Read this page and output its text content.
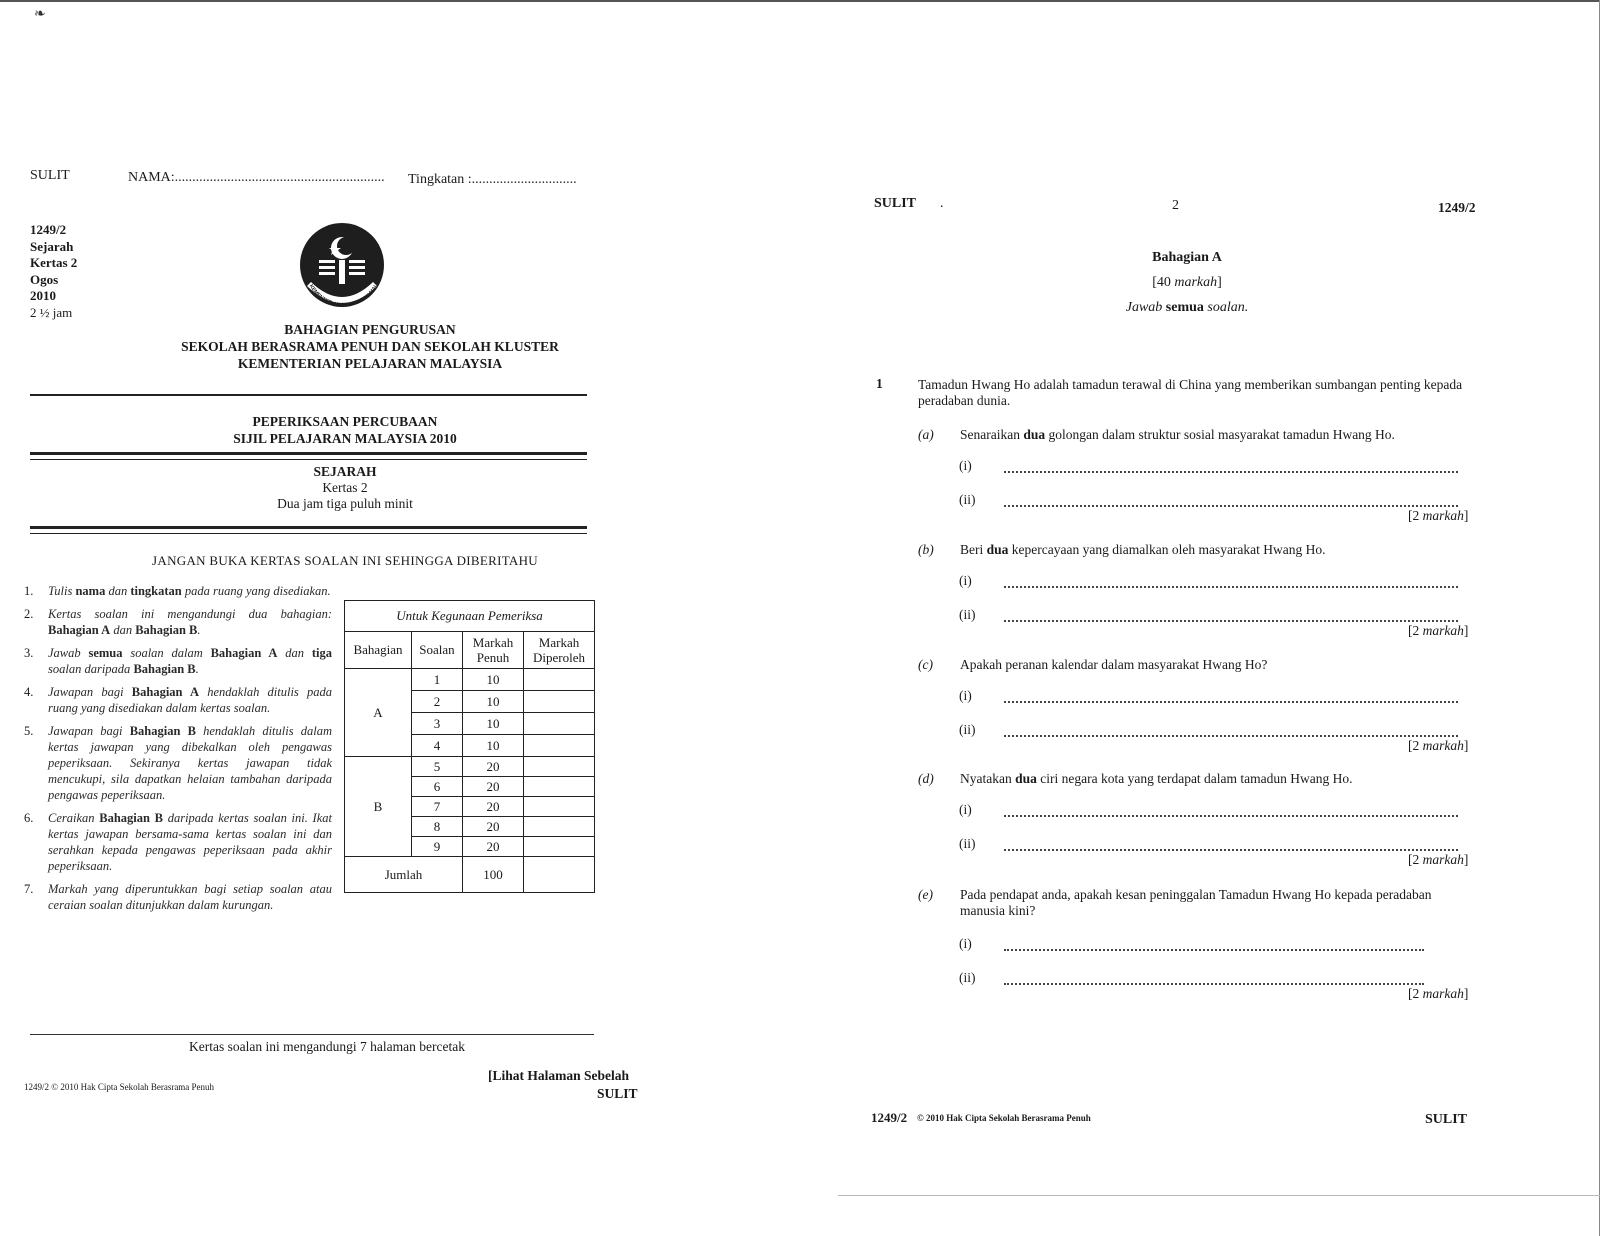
❧
SULIT	NAMA:............................................................ Tingkatan :..............................
1249/2
Sejarah
Kertas 2
Ogos
2010
2 ½ jam
KEMENTERIAN PELAJARAN MALA
BAHAGIAN PENGURUSAN
SEKOLAH BERASRAMA PENUH DAN SEKOLAH KLUSTER
KEMENTERIAN PELAJARAN MALAYSIA
PEPERIKSAAN PERCUBAAN
SIJIL PELAJARAN MALAYSIA 2010
SEJARAH
Kertas 2
Dua jam tiga puluh minit
JANGAN BUKA KERTAS SOALAN INI SEHINGGA DIBERITAHU
1.	Tulis nama dan tingkatan pada ruang yang disediakan.
2.	Kertas soalan ini mengandungi dua bahagian: Bahagian A dan Bahagian B.
3.	Jawab semua soalan dalam Bahagian A dan tiga soalan daripada Bahagian B.
4.	Jawapan bagi Bahagian A hendaklah ditulis pada ruang yang disediakan dalam kertas soalan.
5.	Jawapan bagi Bahagian B hendaklah ditulis dalam kertas jawapan yang dibekalkan oleh pengawas peperiksaan. Sekiranya kertas jawapan tidak mencukupi, sila dapatkan helaian tambahan daripada pengawas peperiksaan.
6.	Ceraikan Bahagian B daripada kertas soalan ini. Ikat kertas jawapan bersama-sama kertas soalan ini dan serahkan kepada pengawas peperiksaan pada akhir peperiksaan.
7.	Markah yang diperuntukkan bagi setiap soalan atau ceraian soalan ditunjukkan dalam kurungan.
Untuk Kegunaan Pemeriksa			
Bahagian	Soalan	Markah Penuh	Markah Diperoleh
A	1	10	
	2	10	
	3	10	
	4	10	
B	5	20	
	6	20	
	7	20	
	8	20	
	9	20	
Jumlah		100	
Kertas soalan ini mengandungi 7 halaman bercetak
1249/2 © 2010 Hak Cipta Sekolah Berasrama Penuh
[Lihat Halaman Sebelah
SULIT
SULIT .	2	1249/2
Bahagian A
[40 markah]
Jawab semua soalan.
1	Tamadun Hwang Ho adalah tamadun terawal di China yang memberikan sumbangan penting kepada peradaban dunia.
(a) Senaraikan dua golongan dalam struktur sosial masyarakat tamadun Hwang Ho.
(i)
(ii)
[2 markah]
(b) Beri dua kepercayaan yang diamalkan oleh masyarakat Hwang Ho.
(i)
(ii)
[2 markah]
(c) Apakah peranan kalendar dalam masyarakat Hwang Ho?
(i)
(ii)
[2 markah]
(d) Nyatakan dua ciri negara kota yang terdapat dalam tamadun Hwang Ho.
(i)
(ii)
[2 markah]
(e) Pada pendapat anda, apakah kesan peninggalan Tamadun Hwang Ho kepada peradaban manusia kini?
(i)
(ii)
[2 markah]
1249/2 © 2010 Hak Cipta Sekolah Berasrama Penuh	SULIT
